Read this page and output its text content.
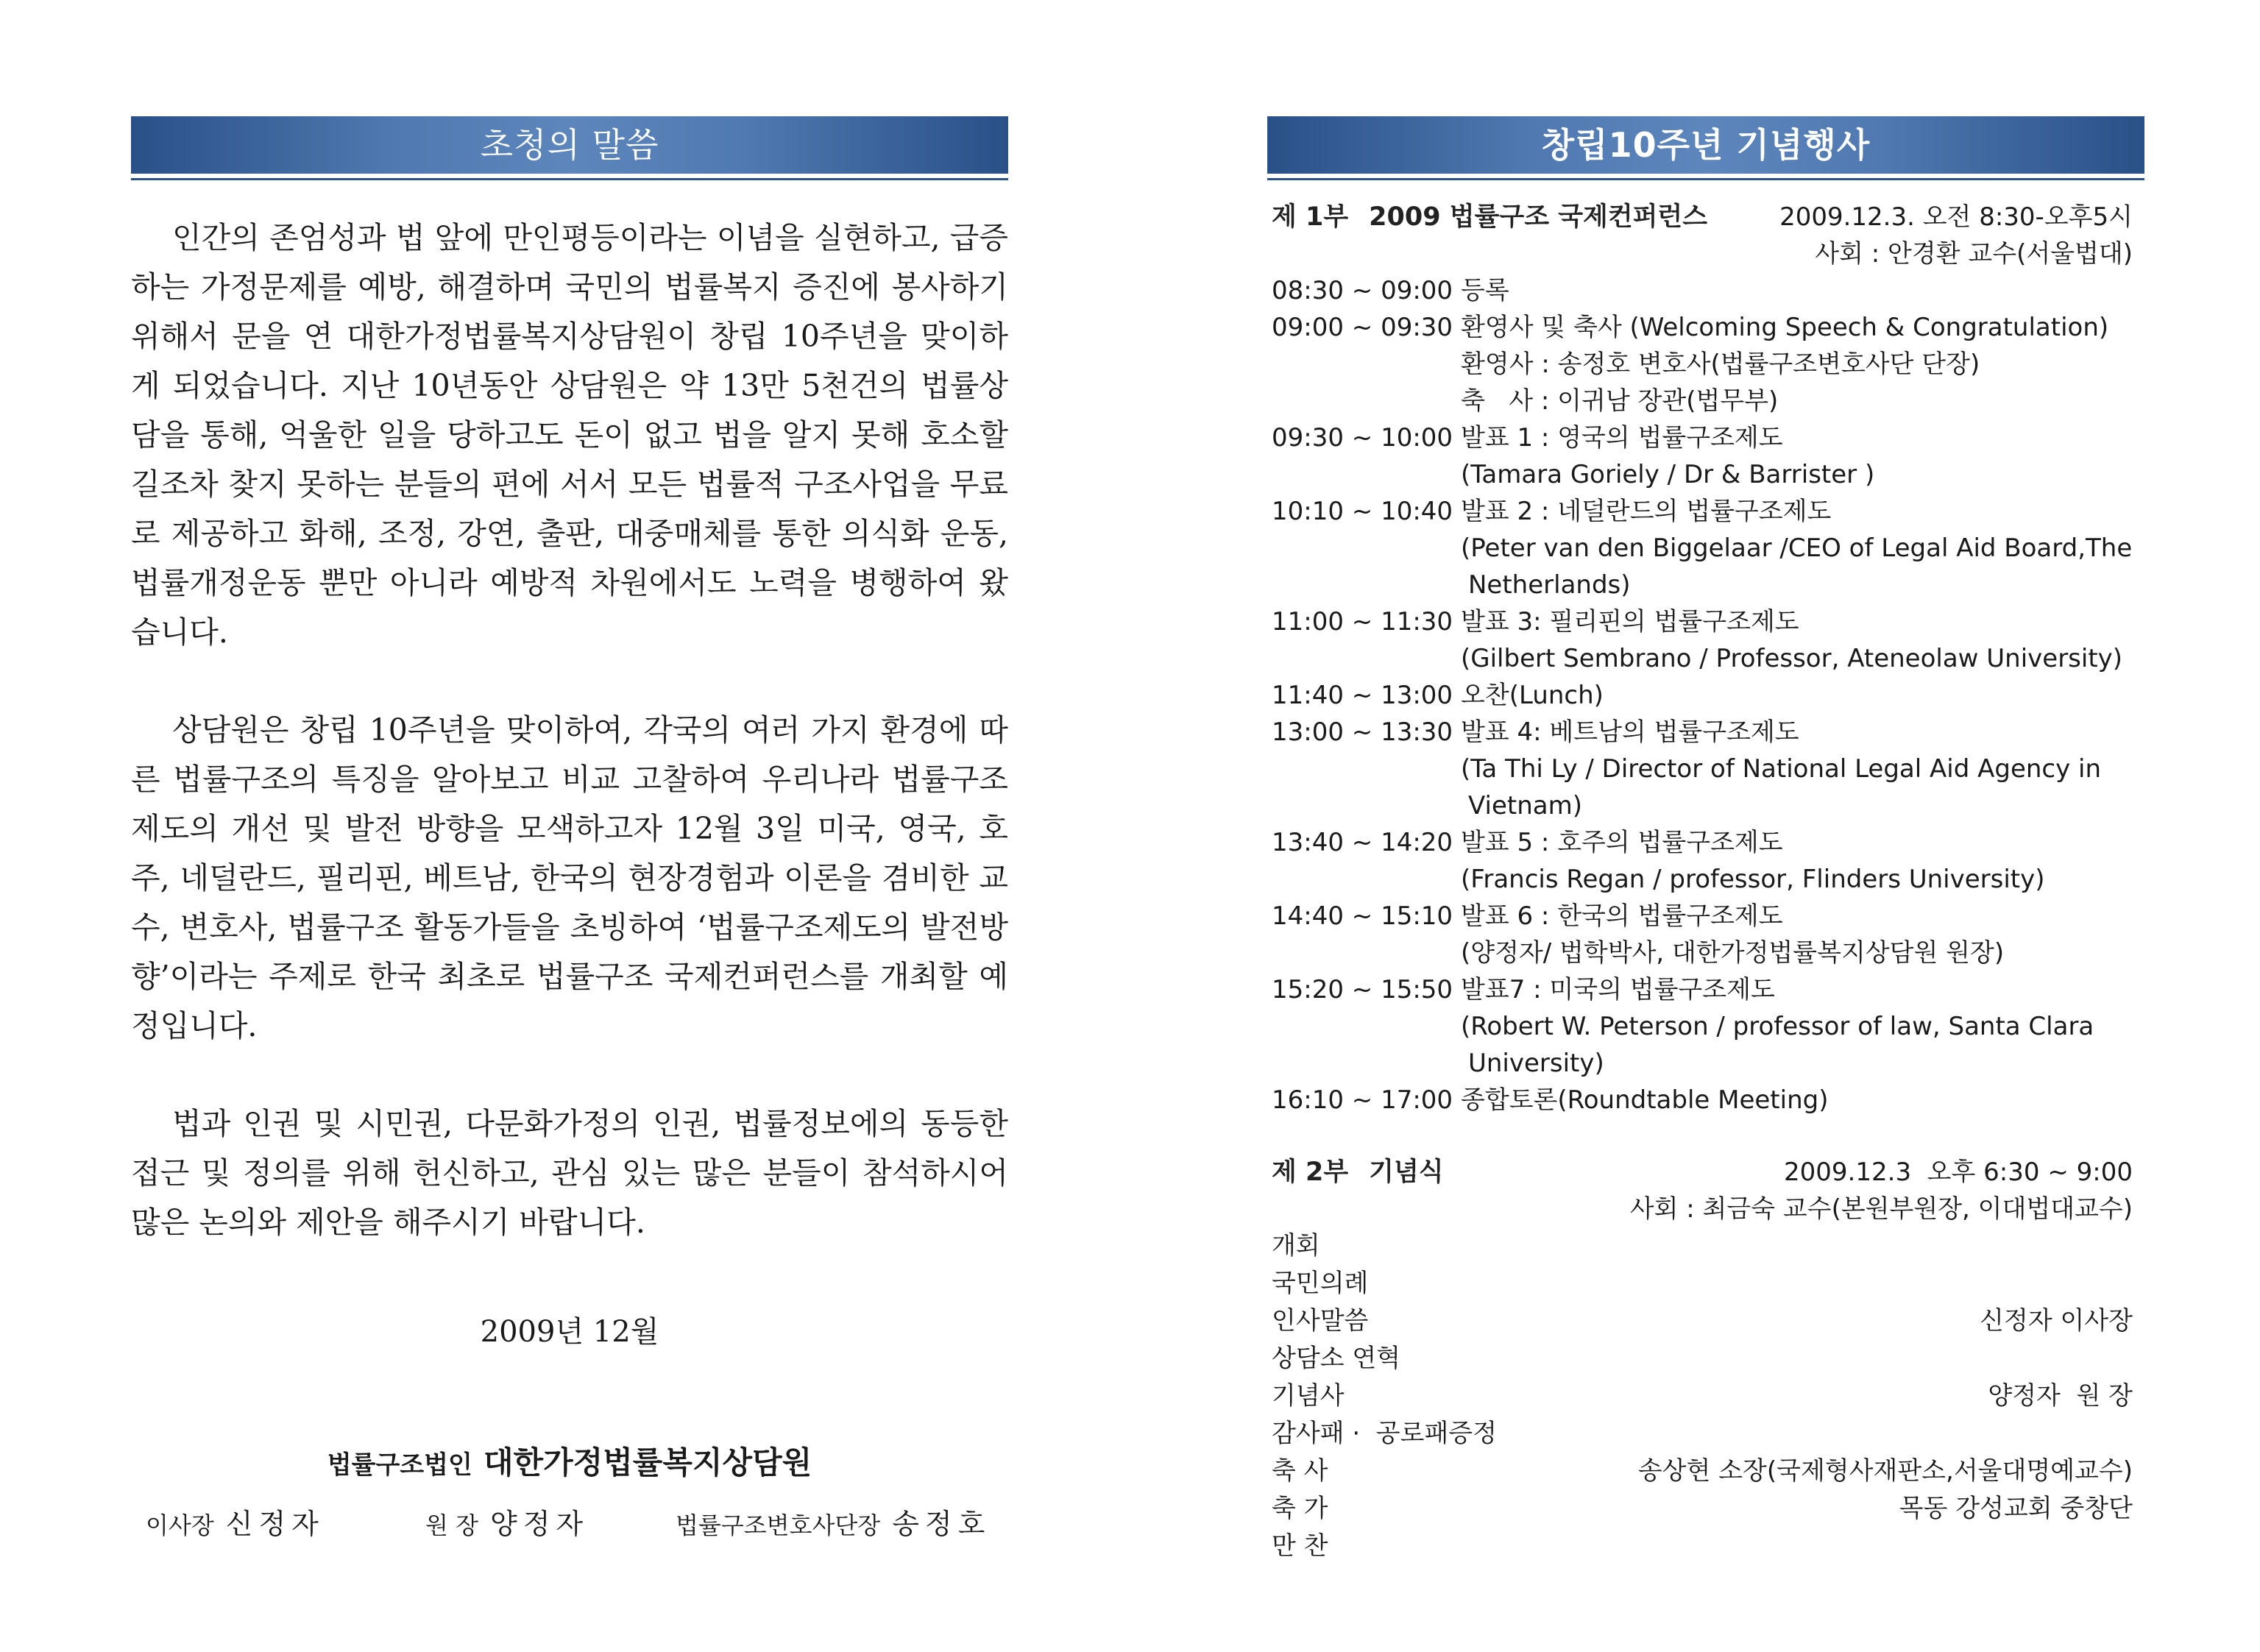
초청의 말씀

인간의 존엄성과 법 앞에 만인평등이라는 이념을 실현하고, 급증하는 가정문제를 예방, 해결하며 국민의 법률복지 증진에 봉사하기 위해서 문을 연 대한가정법률복지상담원이 창립 10주년을 맞이하게 되었습니다. 지난 10년동안 상담원은 약 13만 5천건의 법률상담을 통해, 억울한 일을 당하고도 돈이 없고 법을 알지 못해 호소할 길조차 찾지 못하는 분들의 편에 서서 모든 법률적 구조사업을 무료로 제공하고 화해, 조정, 강연, 출판, 대중매체를 통한 의식화 운동, 법률개정운동 뿐만 아니라 예방적 차원에서도 노력을 병행하여 왔습니다.

상담원은 창립 10주년을 맞이하여, 각국의 여러 가지 환경에 따른 법률구조의 특징을 알아보고 비교 고찰하여 우리나라 법률구조제도의 개선 및 발전 방향을 모색하고자 12월 3일 미국, 영국, 호주, 네덜란드, 필리핀, 베트남, 한국의 현장경험과 이론을 겸비한 교수, 변호사, 법률구조 활동가들을 초빙하여 ‘법률구조제도의 발전방향’이라는 주제로 한국 최초로 법률구조 국제컨퍼런스를 개최할 예정입니다.

법과 인권 및 시민권, 다문화가정의 인권, 법률정보에의 동등한 접근 및 정의를 위해 헌신하고, 관심 있는 많은 분들이 참석하시어 많은 논의와 제안을 해주시기 바랍니다.

2009년 12월
법률구조법인 대한가정법률복지상담원
이사장 신정자	원 장 양정자	법률구조변호사단장 송정호
창립10주년 기념행사
제 1부 2009 법률구조 국제컨퍼런스	2009.12.3. 오전 8:30-오후5시
사회 : 안경환 교수(서울법대)
08:30 ~ 09:00 등록
09:00 ~ 09:30 환영사 및 축사 (Welcoming Speech & Congratulation)
환영사 : 송정호 변호사(법률구조변호사단 단장)
축   사 : 이귀남 장관(법무부)
09:30 ~ 10:00 발표 1 : 영국의 법률구조제도
(Tamara Goriely / Dr & Barrister )
10:10 ~ 10:40 발표 2 : 네덜란드의 법률구조제도
(Peter van den Biggelaar /CEO of Legal Aid Board,The
Netherlands)
11:00 ~ 11:30 발표 3: 필리핀의 법률구조제도
(Gilbert Sembrano / Professor, Ateneolaw University)
11:40 ~ 13:00 오찬(Lunch)
13:00 ~ 13:30 발표 4: 베트남의 법률구조제도
(Ta Thi Ly / Director of National Legal Aid Agency in
Vietnam)
13:40 ~ 14:20 발표 5 : 호주의 법률구조제도
(Francis Regan / professor, Flinders University)
14:40 ~ 15:10 발표 6 : 한국의 법률구조제도
(양정자/ 법학박사, 대한가정법률복지상담원 원장)
15:20 ~ 15:50 발표7 : 미국의 법률구조제도
(Robert W. Peterson / professor of law, Santa Clara
University)
16:10 ~ 17:00 종합토론(Roundtable Meeting)
제 2부 기념식	2009.12.3  오후 6:30 ~ 9:00
사회 : 최금숙 교수(본원부원장, 이대법대교수)
개회
국민의례
인사말씀	신정자 이사장
상담소 연혁
기념사	양정자  원 장
감사패 ·  공로패증정
축 사	송상현 소장(국제형사재판소,서울대명예교수)
축 가	목동 강성교회 중창단
만 찬
